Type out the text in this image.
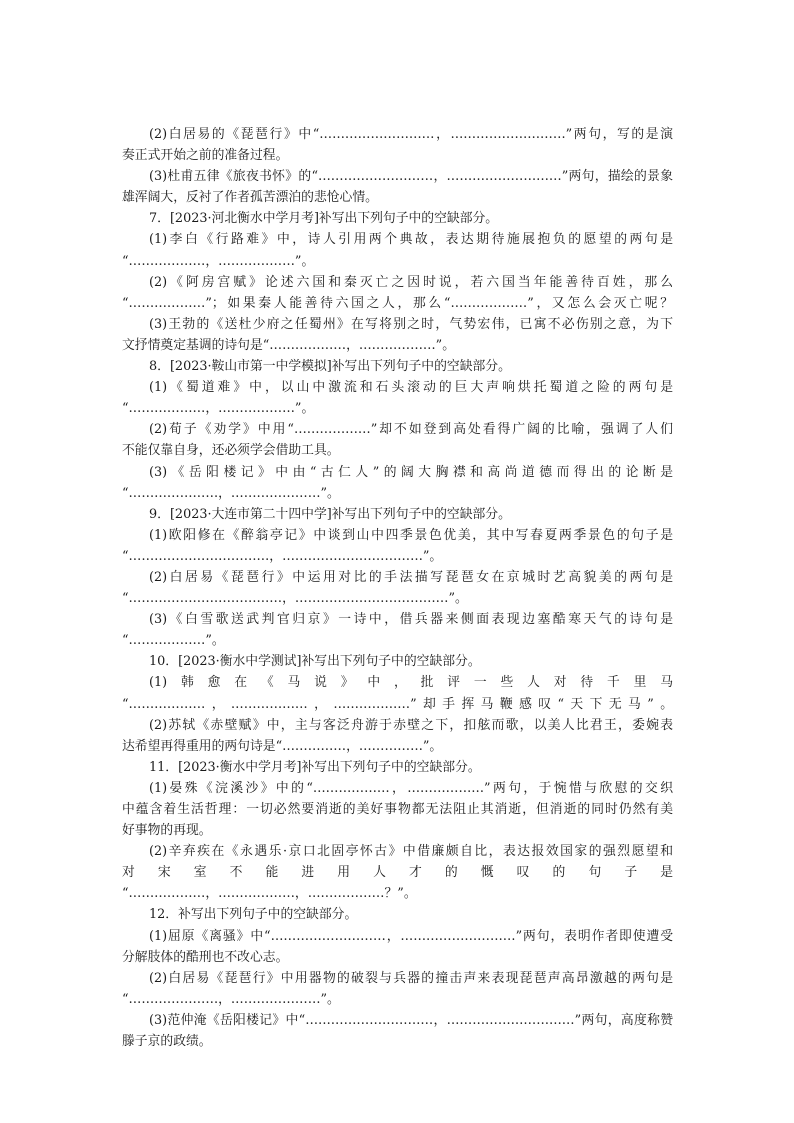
(2)白居易的《琵琶行》中“………………………，………………………”两句，写的是演
奏正式开始之前的准备过程。
(3)杜甫五律《旅夜书怀》的“………………………，………………………”两句，描绘的景象
雄浑阔大，反衬了作者孤苦漂泊的悲怆心情。
7．[2023·河北衡水中学月考]补写出下列句子中的空缺部分。
(1)李白《行路难》中，诗人引用两个典故，表达期待施展抱负的愿望的两句是
“………………，………………”。
(2)《阿房宫赋》论述六国和秦灭亡之因时说，若六国当年能善待百姓，那么
“………………”；如果秦人能善待六国之人，那么“………………”，又怎么会灭亡呢？
(3)王勃的《送杜少府之任蜀州》在写将别之时，气势宏伟，已寓不必伤别之意，为下
文抒情奠定基调的诗句是“………………，………………”。
8．[2023·鞍山市第一中学模拟]补写出下列句子中的空缺部分。
(1)《蜀道难》中，以山中激流和石头滚动的巨大声响烘托蜀道之险的两句是
“………………，………………”。
(2)荀子《劝学》中用“………………”却不如登到高处看得广阔的比喻，强调了人们
不能仅靠自身，还必须学会借助工具。
(3)《岳阳楼记》中由“古仁人”的阔大胸襟和高尚道德而得出的论断是
“…………………，…………………”。
9．[2023·大连市第二十四中学]补写出下列句子中的空缺部分。
(1)欧阳修在《醉翁亭记》中谈到山中四季景色优美，其中写春夏两季景色的句子是
“……………………………，……………………………”。
(2)白居易《琵琶行》中运用对比的手法描写琵琶女在京城时艺高貌美的两句是
“………………………………，………………………………”。
(3)《白雪歌送武判官归京》一诗中，借兵器来侧面表现边塞酷寒天气的诗句是
“………………”。
10．[2023·衡水中学测试]补写出下列句子中的空缺部分。
(1)韩愈在《马说》中，批评一些人对待千里马
“………………，………………，………………”却手挥马鞭感叹“天下无马”。
(2)苏轼《赤壁赋》中，主与客泛舟游于赤壁之下，扣舷而歌，以美人比君王，委婉表
达希望再得重用的两句诗是“……………，……………”。
11．[2023·衡水中学月考]补写出下列句子中的空缺部分。
(1)晏殊《浣溪沙》中的“………………，………………”两句，于惋惜与欣慰的交织
中蕴含着生活哲理：一切必然要消逝的美好事物都无法阻止其消逝，但消逝的同时仍然有美
好事物的再现。
(2)辛弃疾在《永遇乐·京口北固亭怀古》中借廉颇自比，表达报效国家的强烈愿望和
对宋室不能进用人才的慨叹的句子是
“………………，………………，………………？”。
12．补写出下列句子中的空缺部分。
(1)屈原《离骚》中“………………………，………………………”两句，表明作者即使遭受
分解肢体的酷刑也不改心志。
(2)白居易《琵琶行》中用器物的破裂与兵器的撞击声来表现琵琶声高昂激越的两句是
“…………………，…………………”。
(3)范仲淹《岳阳楼记》中“…………………………，…………………………”两句，高度称赞
滕子京的政绩。
